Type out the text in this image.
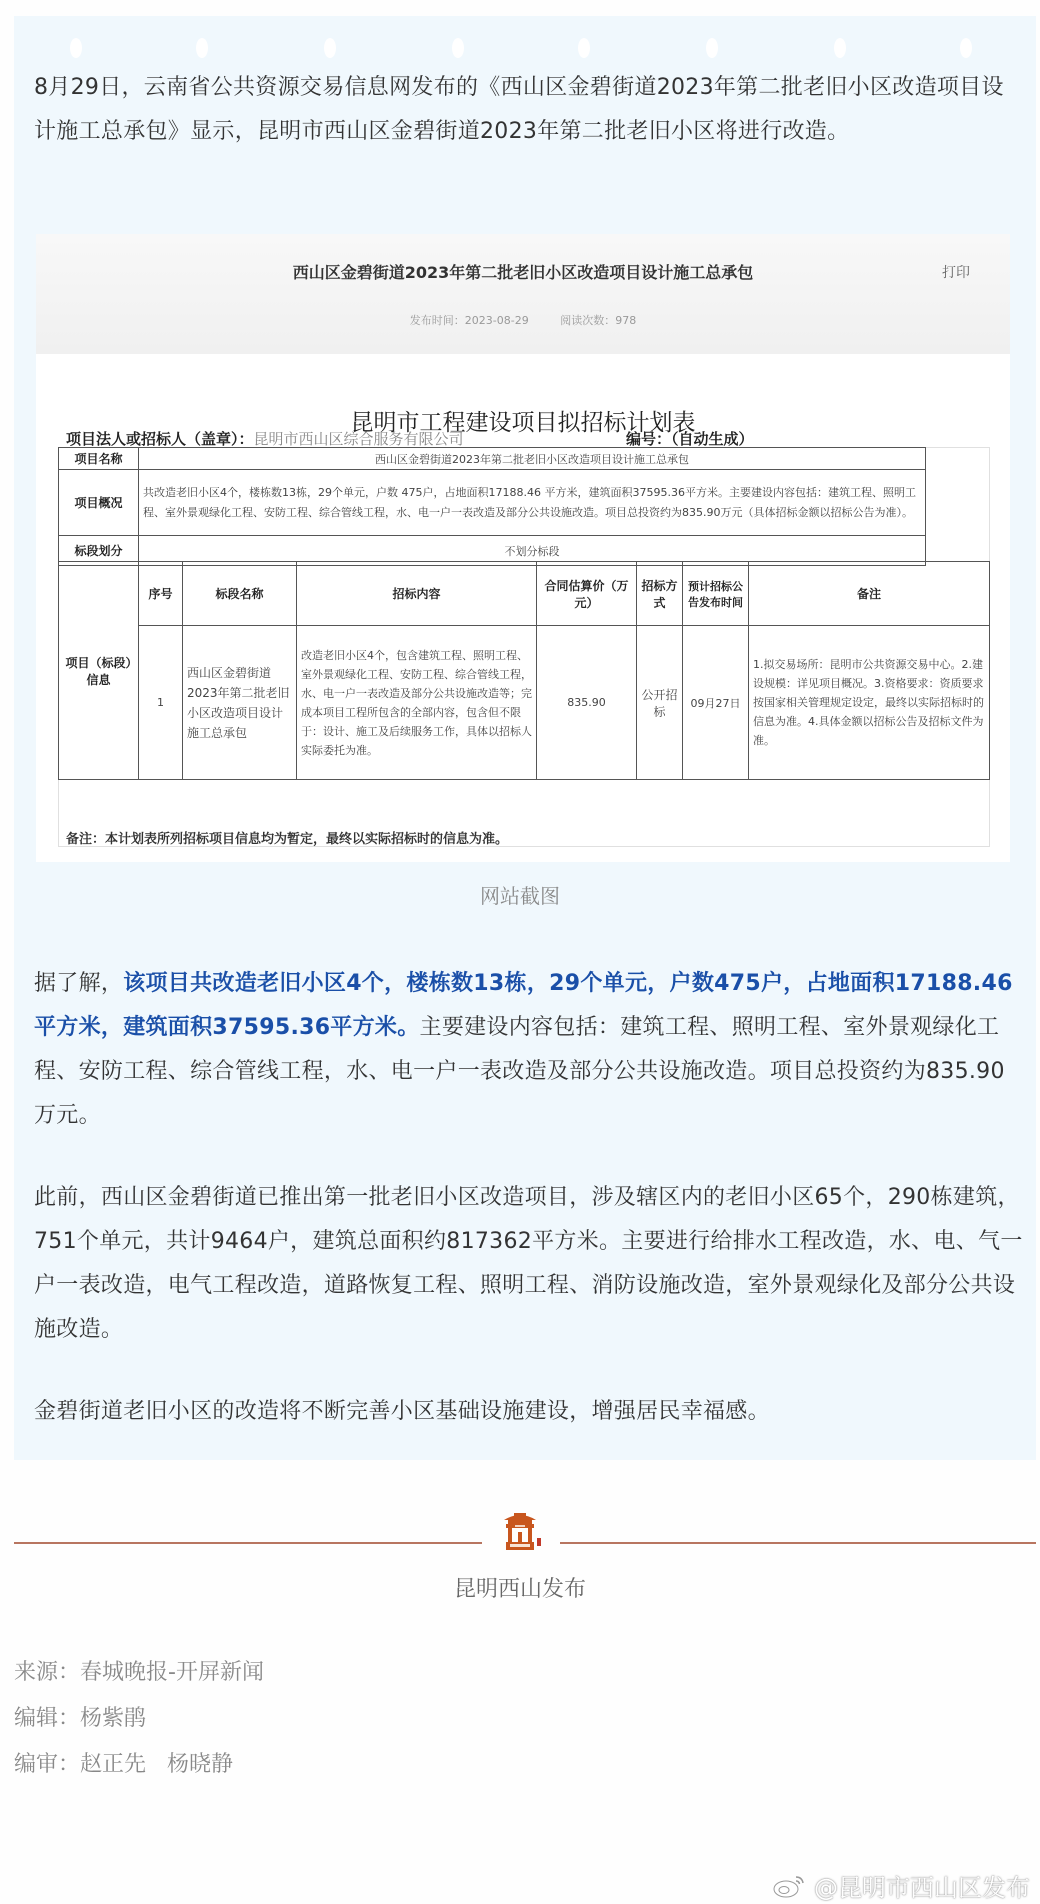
8月29日，云南省公共资源交易信息网发布的《西山区金碧街道2023年第二批老旧小区改造项目设计施工总承包》显示，昆明市西山区金碧街道2023年第二批老旧小区将进行改造。

西山区金碧街道2023年第二批老旧小区改造项目设计施工总承包	打印
发布时间：2023-08-29	阅读次数：978
昆明市工程建设项目拟招标计划表
项目法人或招标人（盖章）：昆明市西山区综合服务有限公司	编号：（自动生成）
项目名称	西山区金碧街道2023年第二批老旧小区改造项目设计施工总承包
项目概况	共改造老旧小区4个，楼栋数13栋，29个单元，户数 475户，占地面积17188.46 平方米，建筑面积37595.36平方米。主要建设内容包括：建筑工程、照明工程、室外景观绿化工程、安防工程、综合管线工程，水、电一户一表改造及部分公共设施改造。项目总投资约为835.90万元（具体招标金额以招标公告为准）。
标段划分	不划分标段
项目（标段）信息	序号	标段名称	招标内容	合同估算价（万元）	招标方式	预计招标公告发布时间	备注
	1	西山区金碧街道2023年第二批老旧小区改造项目设计施工总承包	改造老旧小区4个，包含建筑工程、照明工程、室外景观绿化工程、安防工程、综合管线工程，水、电一户一表改造及部分公共设施改造等；完成本项目工程所包含的全部内容，包含但不限于：设计、施工及后续服务工作，具体以招标人实际委托为准。	835.90	公开招标	09月27日	1.拟交易场所：昆明市公共资源交易中心。2.建设规模：详见项目概况。3.资格要求：资质要求按国家相关管理规定设定，最终以实际招标时的信息为准。4.具体金额以招标公告及招标文件为准。
备注：本计划表所列招标项目信息均为暂定，最终以实际招标时的信息为准。
网站截图

据了解，该项目共改造老旧小区4个，楼栋数13栋，29个单元，户数475户，占地面积17188.46平方米，建筑面积37595.36平方米。主要建设内容包括：建筑工程、照明工程、室外景观绿化工程、安防工程、综合管线工程，水、电一户一表改造及部分公共设施改造。项目总投资约为835.90万元。

此前，西山区金碧街道已推出第一批老旧小区改造项目，涉及辖区内的老旧小区65个，290栋建筑，751个单元，共计9464户，建筑总面积约817362平方米。主要进行给排水工程改造，水、电、气一户一表改造，电气工程改造，道路恢复工程、照明工程、消防设施改造，室外景观绿化及部分公共设施改造。

金碧街道老旧小区的改造将不断完善小区基础设施建设，增强居民幸福感。

昆明西山发布
来源：春城晚报-开屏新闻
编辑：杨紫鹃
编审：赵正先   杨晓静
@昆明市西山区发布
